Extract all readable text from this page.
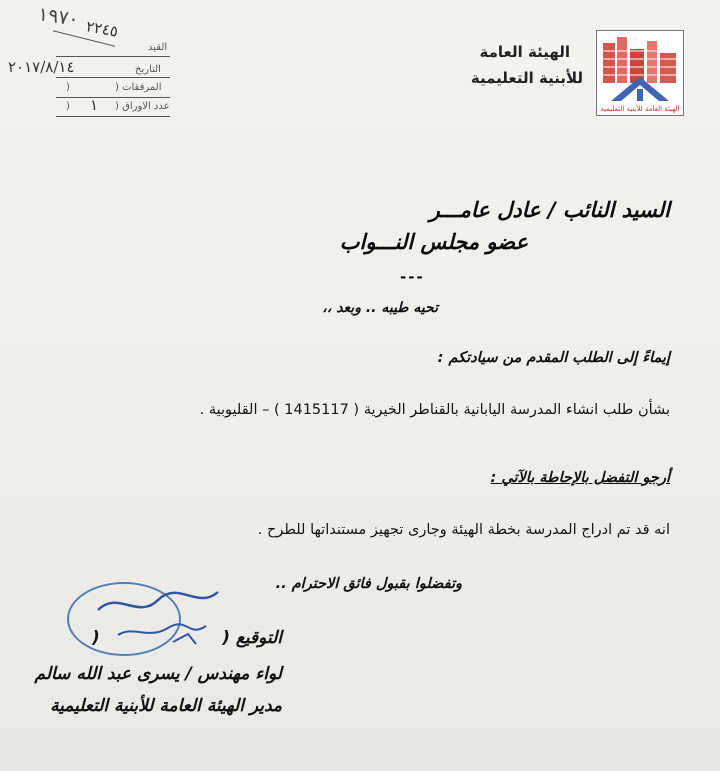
الهيئة العامة
للأبنية التعليمية
الهيئة العامة للأبنية التعليمية
١٩٧٠ ٢٢٤٥
القيد
التاريخ
٢٠١٧/٨/١٤
المرفقات (
)
عدد الاوراق (
١
)
السيد النائب / عادل عامـــر
عضو مجلس النـــواب
---
تحيه طيبه .. وبعد ،،
إيماءً إلى الطلب المقدم من سيادتكم :
بشأن طلب انشاء المدرسة اليابانية بالقناطر الخيرية ( 1415117 ) – القليوبية .
أرجو التفضل بالإحاطة بالآتي :
انه قد تم ادراج المدرسة بخطة الهيئة وجارى تجهيز مستنداتها للطرح .
وتفضلوا بقبول فائق الاحترام ..
التوقيع (
)
لواء مهندس / يسرى عبد الله سالم
مدير الهيئة العامة للأبنية التعليمية
